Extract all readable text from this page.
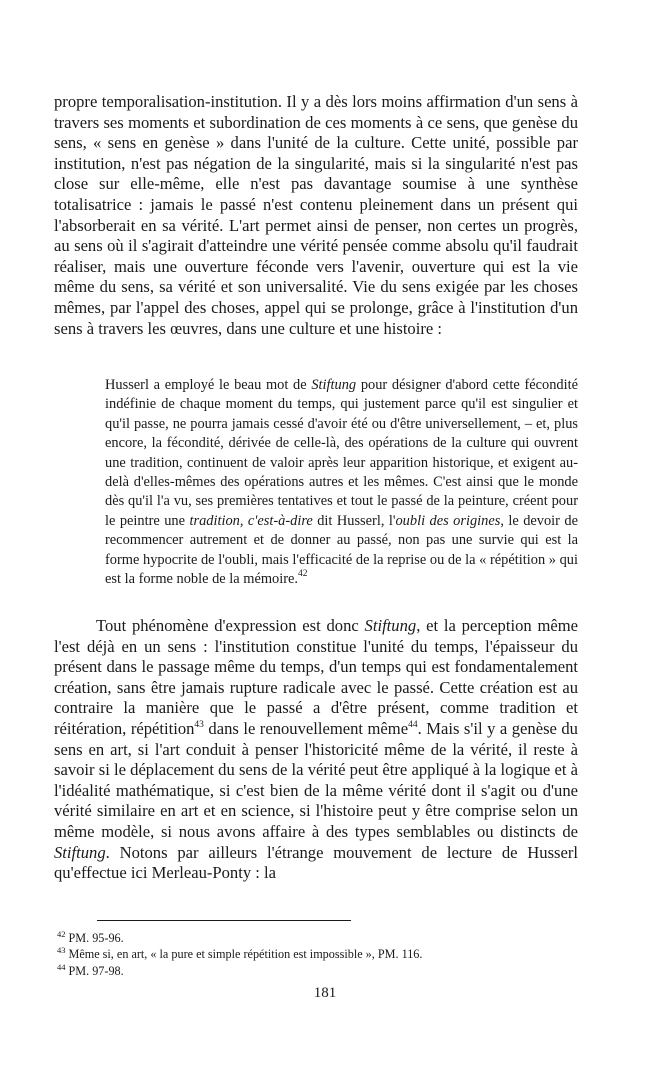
propre temporalisation-institution. Il y a dès lors moins affirmation d'un sens à travers ses moments et subordination de ces moments à ce sens, que genèse du sens, « sens en genèse » dans l'unité de la culture. Cette unité, possible par institution, n'est pas négation de la singularité, mais si la singularité n'est pas close sur elle-même, elle n'est pas davantage soumise à une synthèse totalisatrice : jamais le passé n'est contenu pleinement dans un présent qui l'absorberait en sa vérité. L'art permet ainsi de penser, non certes un progrès, au sens où il s'agirait d'atteindre une vérité pensée comme absolu qu'il faudrait réaliser, mais une ouverture féconde vers l'avenir, ouverture qui est la vie même du sens, sa vérité et son universalité. Vie du sens exigée par les choses mêmes, par l'appel des choses, appel qui se prolonge, grâce à l'institution d'un sens à travers les œuvres, dans une culture et une histoire :

Husserl a employé le beau mot de Stiftung pour désigner d'abord cette fécondité indéfinie de chaque moment du temps, qui justement parce qu'il est singulier et qu'il passe, ne pourra jamais cessé d'avoir été ou d'être universellement, – et, plus encore, la fécondité, dérivée de celle-là, des opérations de la culture qui ouvrent une tradition, continuent de valoir après leur apparition historique, et exigent au-delà d'elles-mêmes des opérations autres et les mêmes. C'est ainsi que le monde dès qu'il l'a vu, ses premières tentatives et tout le passé de la peinture, créent pour le peintre une tradition, c'est-à-dire dit Husserl, l'oubli des origines, le devoir de recommencer autrement et de donner au passé, non pas une survie qui est la forme hypocrite de l'oubli, mais l'efficacité de la reprise ou de la « répétition » qui est la forme noble de la mémoire.$^{42}$

Tout phénomène d'expression est donc Stiftung, et la perception même l'est déjà en un sens : l'institution constitue l'unité du temps, l'épaisseur du présent dans le passage même du temps, d'un temps qui est fondamentalement création, sans être jamais rupture radicale avec le passé. Cette création est au contraire la manière que le passé a d'être présent, comme tradition et réitération, répétition$^{43}$ dans le renouvellement même$^{44}$. Mais s'il y a genèse du sens en art, si l'art conduit à penser l'historicité même de la vérité, il reste à savoir si le déplacement du sens de la vérité peut être appliqué à la logique et à l'idéalité mathématique, si c'est bien de la même vérité dont il s'agit ou d'une vérité similaire en art et en science, si l'histoire peut y être comprise selon un même modèle, si nous avons affaire à des types semblables ou distincts de Stiftung. Notons par ailleurs l'étrange mouvement de lecture de Husserl qu'effectue ici Merleau-Ponty : la

$^{42}$ PM. 95-96.

$^{43}$ Même si, en art, « la pure et simple répétition est impossible », PM. 116.

$^{44}$ PM. 97-98.

181
